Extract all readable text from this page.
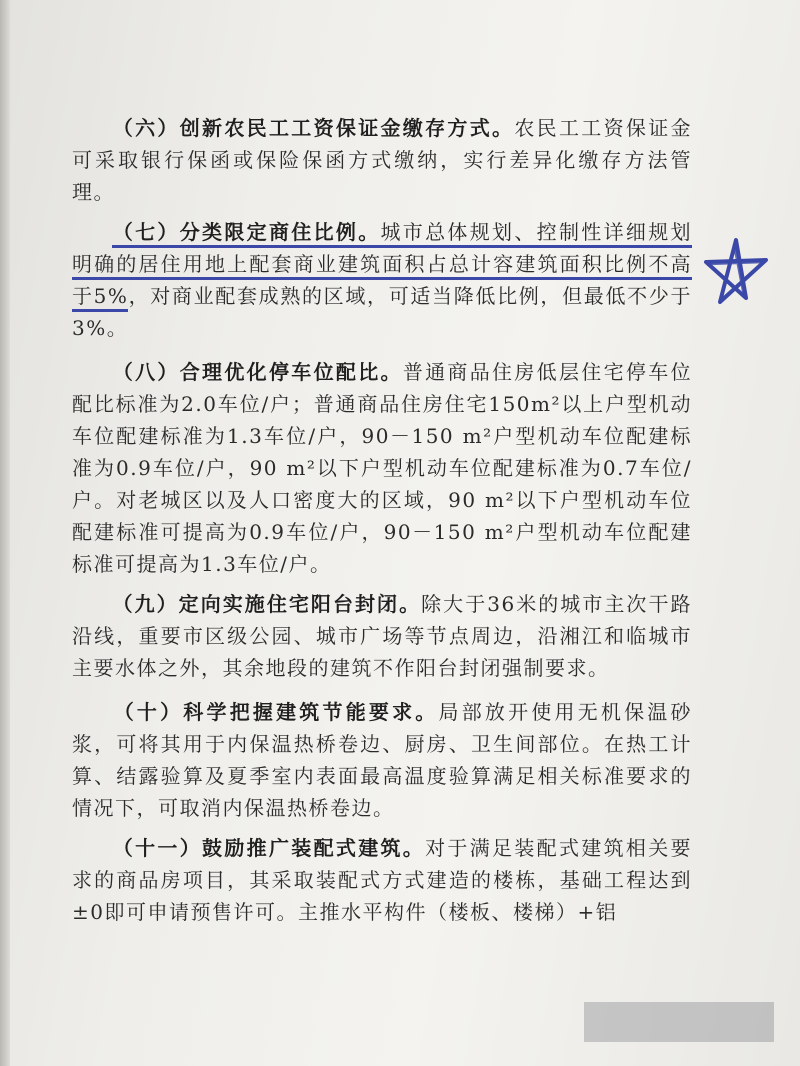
（六）创新农民工工资保证金缴存方式。农民工工资保证金可采取银行保函或保险保函方式缴纳，实行差异化缴存方法管理。

（七）分类限定商住比例。城市总体规划、控制性详细规划明确的居住用地上配套商业建筑面积占总计容建筑面积比例不高于5%，对商业配套成熟的区域，可适当降低比例，但最低不少于3%。

（八）合理优化停车位配比。普通商品住房低层住宅停车位配比标准为2.0车位/户；普通商品住房住宅150m²以上户型机动车位配建标准为1.3车位/户，90－150 m²户型机动车位配建标准为0.9车位/户，90 m²以下户型机动车位配建标准为0.7车位/户。对老城区以及人口密度大的区域，90 m²以下户型机动车位配建标准可提高为0.9车位/户，90－150 m²户型机动车位配建标准可提高为1.3车位/户。

（九）定向实施住宅阳台封闭。除大于36米的城市主次干路沿线，重要市区级公园、城市广场等节点周边，沿湘江和临城市主要水体之外，其余地段的建筑不作阳台封闭强制要求。

（十）科学把握建筑节能要求。局部放开使用无机保温砂浆，可将其用于内保温热桥卷边、厨房、卫生间部位。在热工计算、结露验算及夏季室内表面最高温度验算满足相关标准要求的情况下，可取消内保温热桥卷边。

（十一）鼓励推广装配式建筑。对于满足装配式建筑相关要求的商品房项目，其采取装配式方式建造的楼栋，基础工程达到±0即可申请预售许可。主推水平构件（楼板、楼梯）+铝
